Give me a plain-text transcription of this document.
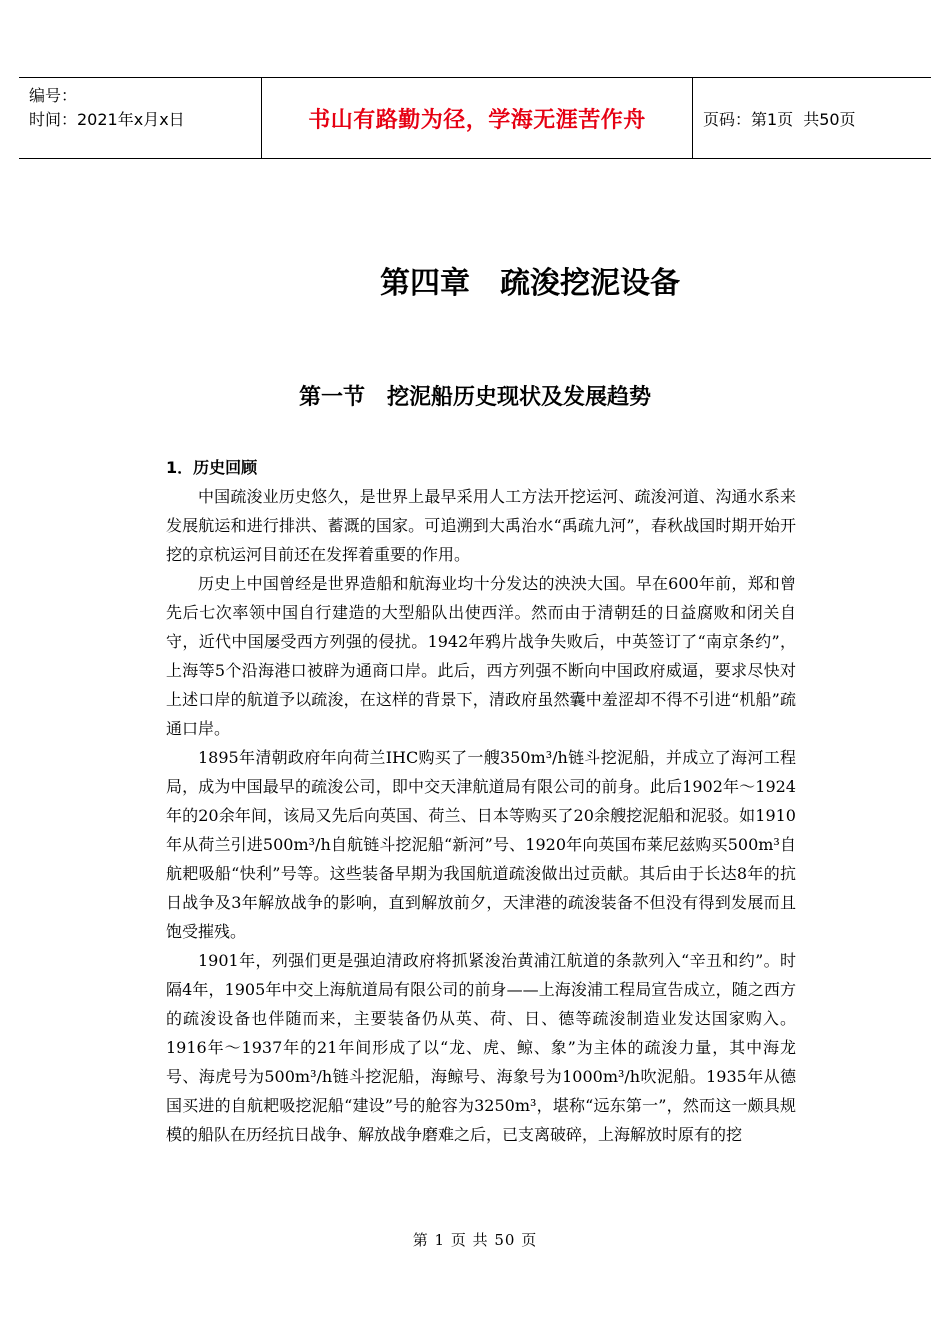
编号：
时间：2021年x月x日	书山有路勤为径，学海无涯苦作舟	页码：第1页 共50页
第四章　疏浚挖泥设备
第一节　挖泥船历史现状及发展趋势
1．历史回顾

中国疏浚业历史悠久，是世界上最早采用人工方法开挖运河、疏浚河道、沟通水系来发展航运和进行排洪、蓄溉的国家。可追溯到大禹治水“禹疏九河”，春秋战国时期开始开挖的京杭运河目前还在发挥着重要的作用。

历史上中国曾经是世界造船和航海业均十分发达的泱泱大国。早在600年前，郑和曾先后七次率领中国自行建造的大型船队出使西洋。然而由于清朝廷的日益腐败和闭关自守，近代中国屡受西方列强的侵扰。1942年鸦片战争失败后，中英签订了“南京条约”，上海等5个沿海港口被辟为通商口岸。此后，西方列强不断向中国政府威逼，要求尽快对上述口岸的航道予以疏浚，在这样的背景下，清政府虽然囊中羞涩却不得不引进“机船”疏通口岸。

1895年清朝政府年向荷兰IHC购买了一艘350m³/h链斗挖泥船，并成立了海河工程局，成为中国最早的疏浚公司，即中交天津航道局有限公司的前身。此后1902年～1924年的20余年间，该局又先后向英国、荷兰、日本等购买了20余艘挖泥船和泥驳。如1910年从荷兰引进500m³/h自航链斗挖泥船“新河”号、1920年向英国布莱尼兹购买500m³自航耙吸船“快利”号等。这些装备早期为我国航道疏浚做出过贡献。其后由于长达8年的抗日战争及3年解放战争的影响，直到解放前夕，天津港的疏浚装备不但没有得到发展而且饱受摧残。

1901年，列强们更是强迫清政府将抓紧浚治黄浦江航道的条款列入“辛丑和约”。时隔4年，1905年中交上海航道局有限公司的前身——上海浚浦工程局宣告成立，随之西方的疏浚设备也伴随而来，主要装备仍从英、荷、日、德等疏浚制造业发达国家购入。1916年～1937年的21年间形成了以“龙、虎、鲸、象”为主体的疏浚力量，其中海龙号、海虎号为500m³/h链斗挖泥船，海鲸号、海象号为1000m³/h吹泥船。1935年从德国买进的自航耙吸挖泥船“建设”号的舱容为3250m³，堪称“远东第一”，然而这一颇具规模的船队在历经抗日战争、解放战争磨难之后，已支离破碎，上海解放时原有的挖

第 1 页 共 50 页
